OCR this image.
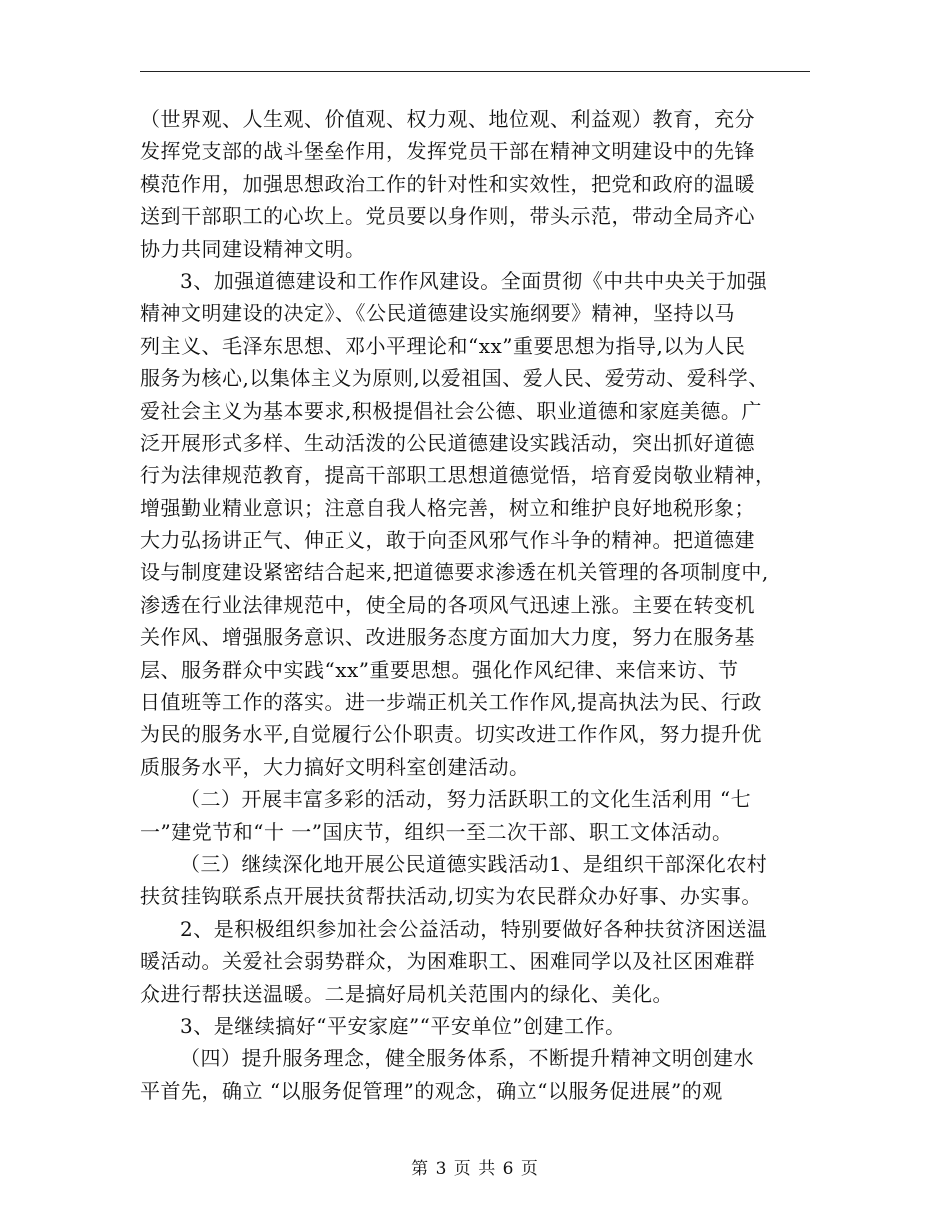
（世界观、人生观、价值观、权力观、地位观、利益观）教育，充分
发挥党支部的战斗堡垒作用，发挥党员干部在精神文明建设中的先锋
模范作用，加强思想政治工作的针对性和实效性，把党和政府的温暖
送到干部职工的心坎上。党员要以身作则，带头示范，带动全局齐心
协力共同建设精神文明。
3、加强道德建设和工作作风建设。全面贯彻《中共中央关于加强
精神文明建设的决定》、《公民道德建设实施纲要》精神，坚持以马
列主义、毛泽东思想、邓小平理论和“xx”重要思想为指导,以为人民
服务为核心,以集体主义为原则,以爱祖国、爱人民、爱劳动、爱科学、
爱社会主义为基本要求,积极提倡社会公德、职业道德和家庭美德。广
泛开展形式多样、生动活泼的公民道德建设实践活动，突出抓好道德
行为法律规范教育，提高干部职工思想道德觉悟，培育爱岗敬业精神，
增强勤业精业意识；注意自我人格完善，树立和维护良好地税形象；
大力弘扬讲正气、伸正义，敢于向歪风邪气作斗争的精神。把道德建
设与制度建设紧密结合起来,把道德要求渗透在机关管理的各项制度中,
渗透在行业法律规范中，使全局的各项风气迅速上涨。主要在转变机
关作风、增强服务意识、改进服务态度方面加大力度，努力在服务基
层、服务群众中实践“xx”重要思想。强化作风纪律、来信来访、节
日值班等工作的落实。进一步端正机关工作作风,提高执法为民、行政
为民的服务水平,自觉履行公仆职责。切实改进工作作风，努力提升优
质服务水平，大力搞好文明科室创建活动。
（二）开展丰富多彩的活动，努力活跃职工的文化生活利用 “七
一”建党节和“十 一”国庆节，组织一至二次干部、职工文体活动。
（三）继续深化地开展公民道德实践活动1、是组织干部深化农村
扶贫挂钩联系点开展扶贫帮扶活动,切实为农民群众办好事、办实事。
2、是积极组织参加社会公益活动，特别要做好各种扶贫济困送温
暖活动。关爱社会弱势群众，为困难职工、困难同学以及社区困难群
众进行帮扶送温暖。二是搞好局机关范围内的绿化、美化。
3、是继续搞好“平安家庭”“平安单位”创建工作。
（四）提升服务理念，健全服务体系，不断提升精神文明创建水
平首先，确立 “以服务促管理”的观念，确立“以服务促进展”的观
第 3 页 共 6 页
